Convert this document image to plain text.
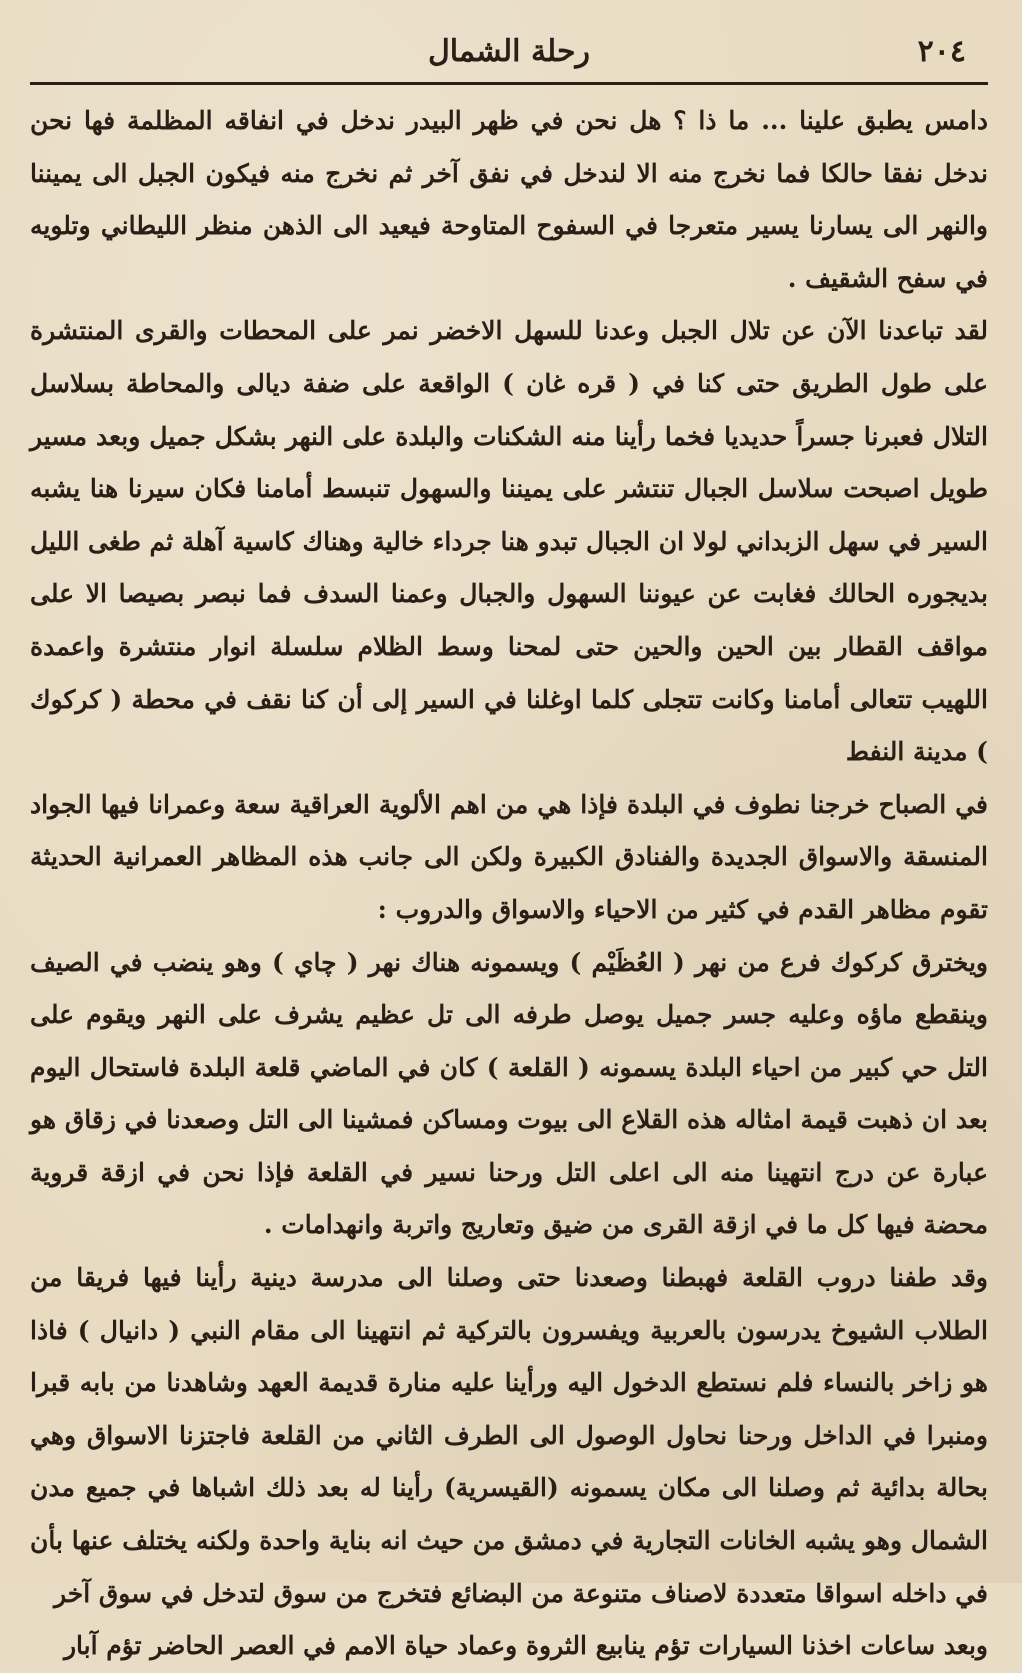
٢٠٤
رحلة الشمال

دامس يطبق علينا ... ما ذا ؟ هل نحن في ظهر البيدر ندخل في انفاقه المظلمة فها نحن ندخل نفقا حالكا فما نخرج منه الا لندخل في نفق آخر ثم نخرج منه فيكون الجبل الى يميننا والنهر الى يسارنا يسير متعرجا في السفوح المتاوحة فيعيد الى الذهن منظر الليطاني وتلويه في سفح الشقيف .

لقد تباعدنا الآن عن تلال الجبل وعدنا للسهل الاخضر نمر على المحطات والقرى المنتشرة على طول الطريق حتى كنا في ( قره غان ) الواقعة على ضفة ديالى والمحاطة بسلاسل التلال فعبرنا جسراً حديديا فخما رأينا منه الشكنات والبلدة على النهر بشكل جميل وبعد مسير طويل اصبحت سلاسل الجبال تنتشر على يميننا والسهول تنبسط أمامنا فكان سيرنا هنا يشبه السير في سهل الزبداني لولا ان الجبال تبدو هنا جرداء خالية وهناك كاسية آهلة ثم طغى الليل بديجوره الحالك فغابت عن عيوننا السهول والجبال وعمنا السدف فما نبصر بصيصا الا على مواقف القطار بين الحين والحين حتى لمحنا وسط الظلام سلسلة انوار منتشرة واعمدة اللهيب تتعالى أمامنا وكانت تتجلى كلما اوغلنا في السير إلى أن كنا نقف في محطة ( كركوك ) مدينة النفط

في الصباح خرجنا نطوف في البلدة فإذا هي من اهم الألوية العراقية سعة وعمرانا فيها الجواد المنسقة والاسواق الجديدة والفنادق الكبيرة ولكن الى جانب هذه المظاهر العمرانية الحديثة تقوم مظاهر القدم في كثير من الاحياء والاسواق والدروب :

ويخترق كركوك فرع من نهر ( العُظَيْم ) ويسمونه هناك نهر ( چاي ) وهو ينضب في الصيف وينقطع ماؤه وعليه جسر جميل يوصل طرفه الى تل عظيم يشرف على النهر ويقوم على التل حي كبير من احياء البلدة يسمونه ( القلعة ) كان في الماضي قلعة البلدة فاستحال اليوم بعد ان ذهبت قيمة امثاله هذه القلاع الى بيوت ومساكن فمشينا الى التل وصعدنا في زقاق هو عبارة عن درج انتهينا منه الى اعلى التل ورحنا نسير في القلعة فإذا نحن في ازقة قروية محضة فيها كل ما في ازقة القرى من ضيق وتعاريج واتربة وانهدامات .

وقد طفنا دروب القلعة فهبطنا وصعدنا حتى وصلنا الى مدرسة دينية رأينا فيها فريقا من الطلاب الشيوخ يدرسون بالعربية ويفسرون بالتركية ثم انتهينا الى مقام النبي ( دانيال ) فاذا هو زاخر بالنساء فلم نستطع الدخول اليه ورأينا عليه منارة قديمة العهد وشاهدنا من بابه قبرا ومنبرا في الداخل ورحنا نحاول الوصول الى الطرف الثاني من القلعة فاجتزنا الاسواق وهي بحالة بدائية ثم وصلنا الى مكان يسمونه (القيسرية) رأينا له بعد ذلك اشباها في جميع مدن الشمال وهو يشبه الخانات التجارية في دمشق من حيث انه بناية واحدة ولكنه يختلف عنها بأن في داخله اسواقا متعددة لاصناف متنوعة من البضائع فتخرج من سوق لتدخل في سوق آخر

وبعد ساعات اخذنا السيارات تؤم ينابيع الثروة وعماد حياة الامم في العصر الحاضر تؤم آبار
